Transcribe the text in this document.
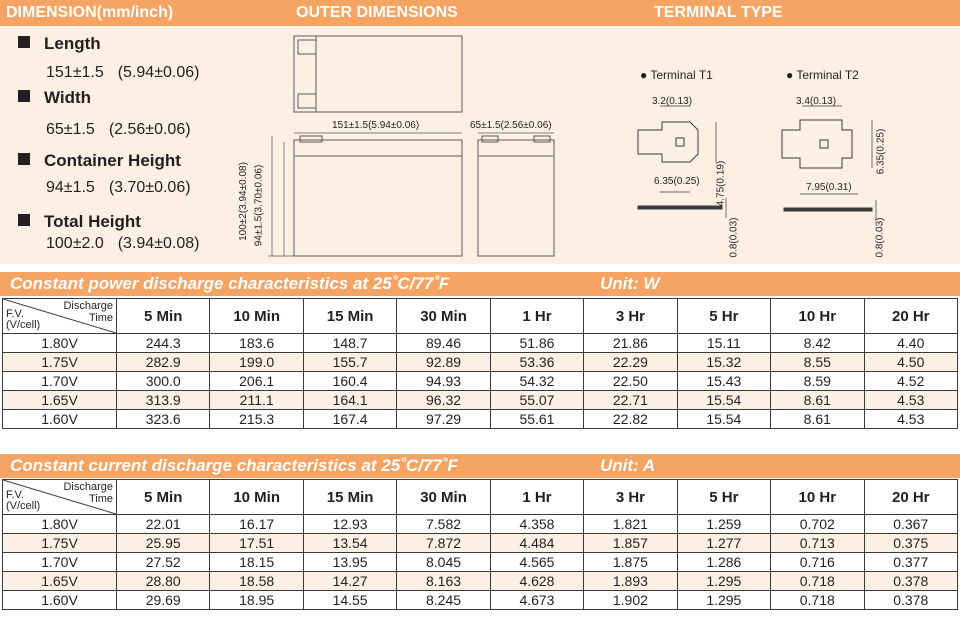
DIMENSION(mm/inch)	OUTER DIMENSIONS	TERMINAL TYPE
Length
151±1.5 (5.94±0.06)
Width
65±1.5 (2.56±0.06)
Container Height
94±1.5 (3.70±0.06)
Total Height
100±2.0 (3.94±0.08)
151±1.5(5.94±0.06)	65±1.5(2.56±0.06)
100±2(3.94±0.08) 94±1.5(3.70±0.06)
● Terminal T1
3.2(0.13)
4.75(0.19)
6.35(0.25)
0.8(0.03)
● Terminal T2
3.4(0.13)
6.35(0.25)
7.95(0.31)
0.8(0.03)
Constant power discharge characteristics at 25˚C/77˚F	Unit: W
Discharge
Time
F.V.
(V/cell)	5 Min	10 Min	15 Min	30 Min	1 Hr	3 Hr	5 Hr	10 Hr	20 Hr
1.80V	244.3	183.6	148.7	89.46	51.86	21.86	15.11	8.42	4.40
1.75V	282.9	199.0	155.7	92.89	53.36	22.29	15.32	8.55	4.50
1.70V	300.0	206.1	160.4	94.93	54.32	22.50	15.43	8.59	4.52
1.65V	313.9	211.1	164.1	96.32	55.07	22.71	15.54	8.61	4.53
1.60V	323.6	215.3	167.4	97.29	55.61	22.82	15.54	8.61	4.53
Constant current discharge characteristics at 25˚C/77˚F	Unit: A
Discharge
Time
F.V.
(V/cell)	5 Min	10 Min	15 Min	30 Min	1 Hr	3 Hr	5 Hr	10 Hr	20 Hr
1.80V	22.01	16.17	12.93	7.582	4.358	1.821	1.259	0.702	0.367
1.75V	25.95	17.51	13.54	7.872	4.484	1.857	1.277	0.713	0.375
1.70V	27.52	18.15	13.95	8.045	4.565	1.875	1.286	0.716	0.377
1.65V	28.80	18.58	14.27	8.163	4.628	1.893	1.295	0.718	0.378
1.60V	29.69	18.95	14.55	8.245	4.673	1.902	1.295	0.718	0.378
